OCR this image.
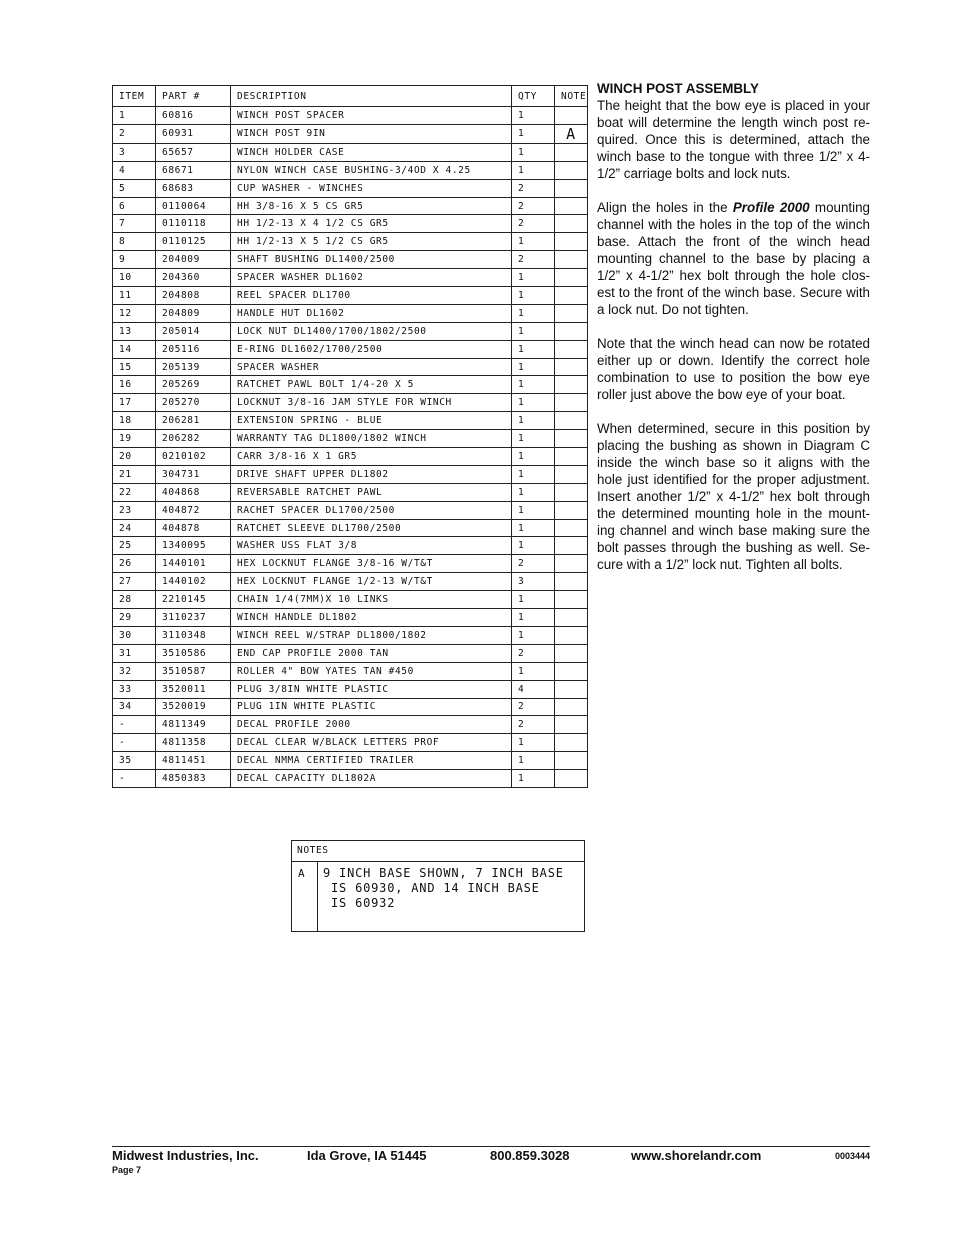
ITEM	PART #	DESCRIPTION	QTY	NOTE
1	60816	WINCH POST SPACER	1	
2	60931	WINCH POST 9IN	1	A
3	65657	WINCH HOLDER CASE	1	
4	68671	NYLON WINCH CASE BUSHING-3/4OD X 4.25	1	
5	68683	CUP WASHER - WINCHES	2	
6	0110064	HH 3/8-16 X 5 CS GR5	2	
7	0110118	HH 1/2-13 X 4 1/2 CS GR5	2	
8	0110125	HH 1/2-13 X 5 1/2 CS GR5	1	
9	204009	SHAFT BUSHING DL1400/2500	2	
10	204360	SPACER WASHER DL1602	1	
11	204808	REEL SPACER DL1700	1	
12	204809	HANDLE HUT DL1602	1	
13	205014	LOCK NUT DL1400/1700/1802/2500	1	
14	205116	E-RING DL1602/1700/2500	1	
15	205139	SPACER WASHER	1	
16	205269	RATCHET PAWL BOLT 1/4-20 X 5	1	
17	205270	LOCKNUT 3/8-16 JAM STYLE FOR WINCH	1	
18	206281	EXTENSION SPRING - BLUE	1	
19	206282	WARRANTY TAG DL1800/1802 WINCH	1	
20	0210102	CARR 3/8-16 X 1 GR5	1	
21	304731	DRIVE SHAFT UPPER DL1802	1	
22	404868	REVERSABLE RATCHET PAWL	1	
23	404872	RACHET SPACER DL1700/2500	1	
24	404878	RATCHET SLEEVE DL1700/2500	1	
25	1340095	WASHER USS FLAT 3/8	1	
26	1440101	HEX LOCKNUT FLANGE 3/8-16 W/T&T	2	
27	1440102	HEX LOCKNUT FLANGE 1/2-13 W/T&T	3	
28	2210145	CHAIN 1/4(7MM)X 10 LINKS	1	
29	3110237	WINCH HANDLE DL1802	1	
30	3110348	WINCH REEL W/STRAP DL1800/1802	1	
31	3510586	END CAP PROFILE 2000 TAN	2	
32	3510587	ROLLER 4" BOW YATES TAN #450	1	
33	3520011	PLUG 3/8IN WHITE PLASTIC	4	
34	3520019	PLUG 1IN WHITE PLASTIC	2	
-	4811349	DECAL PROFILE 2000	2	
-	4811358	DECAL CLEAR W/BLACK LETTERS PROF	1	
35	4811451	DECAL NMMA CERTIFIED TRAILER	1	
-	4850383	DECAL CAPACITY DL1802A	1	
NOTES
A	9 INCH BASE SHOWN, 7 INCH BASE
IS 60930, AND 14 INCH BASE
IS 60932
WINCH POST ASSEMBLY

The height that the bow eye is placed in your boat will determine the length winch post re-quired. Once this is determined, attach the winch base to the tongue with three 1/2” x 4-1/2” carriage bolts and lock nuts.

Align the holes in the Profile 2000 mounting channel with the holes in the top of the winch base. Attach the front of the winch head mounting channel to the base by placing a 1/2” x 4-1/2” hex bolt through the hole clos-est to the front of the winch base. Secure with a lock nut. Do not tighten.

Note that the winch head can now be rotated either up or down. Identify the correct hole combination to use to position the bow eye roller just above the bow eye of your boat.

When determined, secure in this position by placing the bushing as shown in Diagram C inside the winch base so it aligns with the hole just identified for the proper adjustment. Insert another 1/2” x 4-1/2” hex bolt through the determined mounting hole in the mount-ing channel and winch base making sure the bolt passes through the bushing as well. Se-cure with a 1/2” lock nut. Tighten all bolts.

Midwest Industries, Inc.	Ida Grove, IA 51445	800.859.3028	www.shorelandr.com	0003444
Page 7
